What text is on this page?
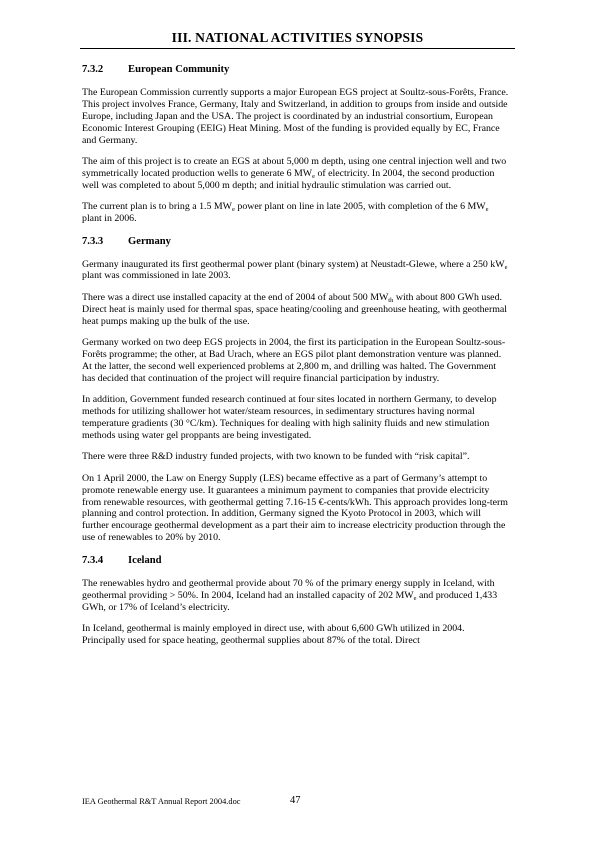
III. NATIONAL ACTIVITIES SYNOPSIS
7.3.2 European Community

The European Commission currently supports a major European EGS project at Soultz-sous-Forêts, France. This project involves France, Germany, Italy and Switzerland, in addition to groups from inside and outside Europe, including Japan and the USA. The project is coordinated by an industrial consortium, European Economic Interest Grouping (EEIG) Heat Mining. Most of the funding is provided equally by EC, France and Germany.

The aim of this project is to create an EGS at about 5,000 m depth, using one central injection well and two symmetrically located production wells to generate 6 $MW_e$ of electricity. In 2004, the second production well was completed to about 5,000 m depth; and initial hydraulic stimulation was carried out.

The current plan is to bring a 1.5 $MW_e$ power plant on line in late 2005, with completion of the 6 $MW_e$ plant in 2006.

7.3.3 Germany

Germany inaugurated its first geothermal power plant (binary system) at Neustadt-Glewe, where a 250 $kW_e$ plant was commissioned in late 2003.

There was a direct use installed capacity at the end of 2004 of about 500 $MW_{th}$ with about 800 GWh used. Direct heat is mainly used for thermal spas, space heating/cooling and greenhouse heating, with geothermal heat pumps making up the bulk of the use.

Germany worked on two deep EGS projects in 2004, the first its participation in the European Soultz-sous-Forêts programme; the other, at Bad Urach, where an EGS pilot plant demonstration venture was planned. At the latter, the second well experienced problems at 2,800 m, and drilling was halted. The Government has decided that continuation of the project will require financial participation by industry.

In addition, Government funded research continued at four sites located in northern Germany, to develop methods for utilizing shallower hot water/steam resources, in sedimentary structures having normal temperature gradients (30 °C/km). Techniques for dealing with high salinity fluids and new stimulation methods using water gel proppants are being investigated.

There were three R&D industry funded projects, with two known to be funded with “risk capital”.

On 1 April 2000, the Law on Energy Supply (LES) became effective as a part of Germany’s attempt to promote renewable energy use. It guarantees a minimum payment to companies that provide electricity from renewable resources, with geothermal getting 7.16-15 €-cents/kWh. This approach provides long-term planning and control protection. In addition, Germany signed the Kyoto Protocol in 2003, which will further encourage geothermal development as a part their aim to increase electricity production through the use of renewables to 20% by 2010.

7.3.4 Iceland

The renewables hydro and geothermal provide about 70 % of the primary energy supply in Iceland, with geothermal providing > 50%. In 2004, Iceland had an installed capacity of 202 $MW_e$ and produced 1,433 GWh, or 17% of Iceland’s electricity.

In Iceland, geothermal is mainly employed in direct use, with about 6,600 GWh utilized in 2004. Principally used for space heating, geothermal supplies about 87% of the total. Direct

IEA Geothermal R&T Annual Report 2004.doc	47
